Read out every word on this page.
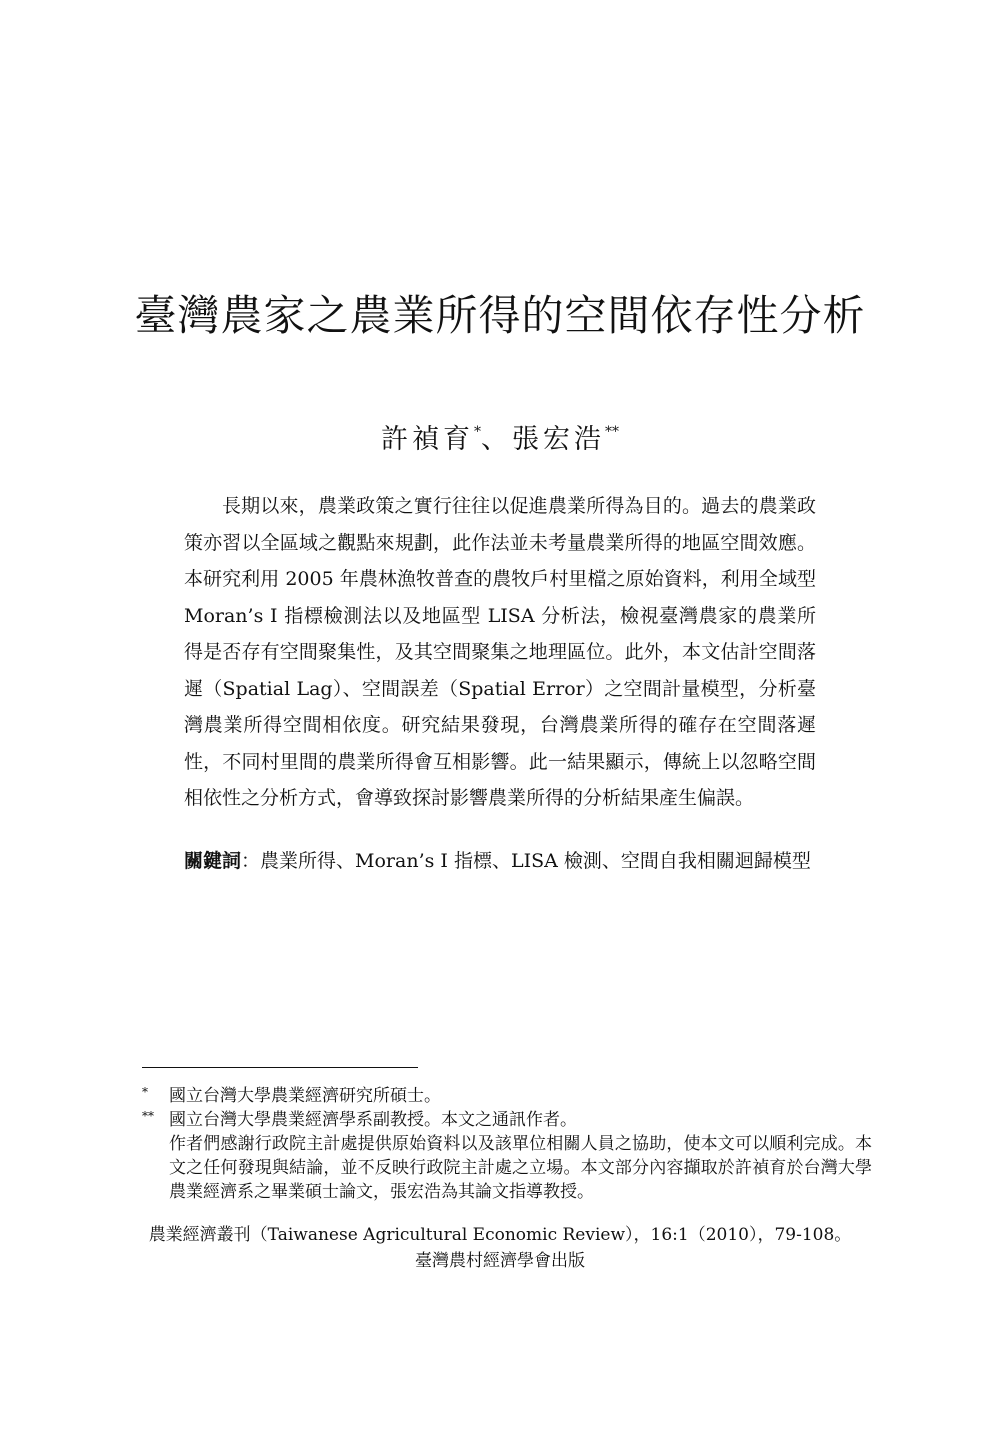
臺灣農家之農業所得的空間依存性分析
許禎育*、張宏浩**

長期以來，農業政策之實行往往以促進農業所得為目的。過去的農業政策亦習以全區域之觀點來規劃，此作法並未考量農業所得的地區空間效應。本研究利用 2005 年農林漁牧普查的農牧戶村里檔之原始資料，利用全域型 Moran’s I 指標檢測法以及地區型 LISA 分析法，檢視臺灣農家的農業所得是否存有空間聚集性，及其空間聚集之地理區位。此外，本文估計空間落遲（Spatial Lag）、空間誤差（Spatial Error）之空間計量模型，分析臺灣農業所得空間相依度。研究結果發現，台灣農業所得的確存在空間落遲性，不同村里間的農業所得會互相影響。此一結果顯示，傳統上以忽略空間相依性之分析方式，會導致探討影響農業所得的分析結果產生偏誤。

關鍵詞：農業所得、Moran’s I 指標、LISA 檢測、空間自我相關迴歸模型
* 國立台灣大學農業經濟研究所碩士。
** 國立台灣大學農業經濟學系副教授。本文之通訊作者。
作者們感謝行政院主計處提供原始資料以及該單位相關人員之協助，使本文可以順利完成。本文之任何發現與結論，並不反映行政院主計處之立場。本文部分內容擷取於許禎育於台灣大學農業經濟系之畢業碩士論文，張宏浩為其論文指導教授。
農業經濟叢刊（Taiwanese Agricultural Economic Review），16:1（2010），79-108。
臺灣農村經濟學會出版
